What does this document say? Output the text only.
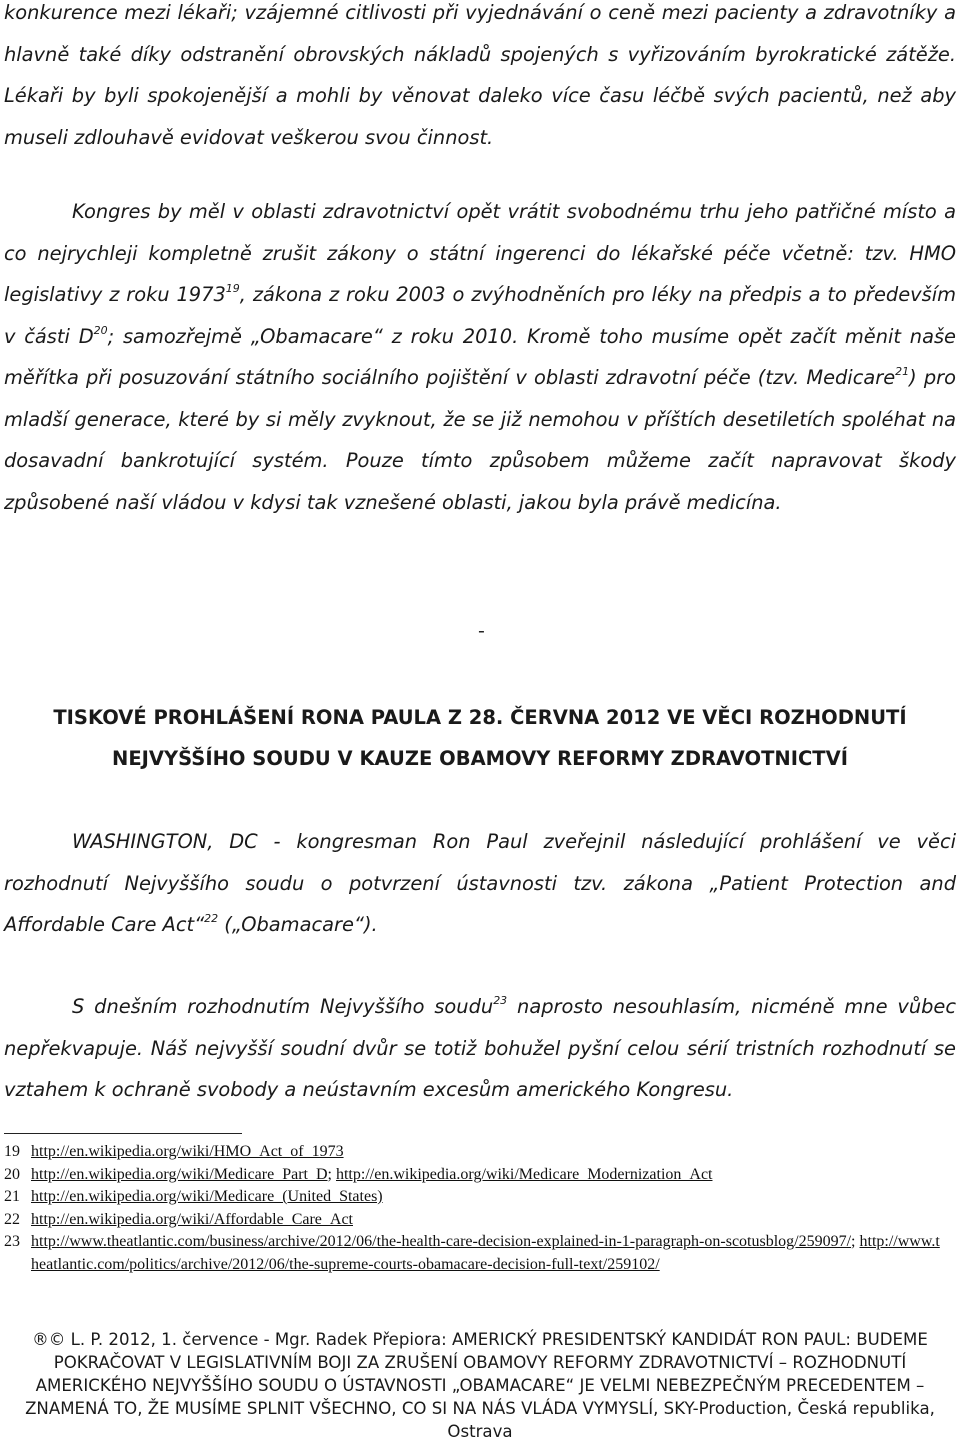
konkurence mezi lékaři; vzájemné citlivosti při vyjednávání o ceně mezi pacienty a zdravotníky a hlavně také díky odstranění obrovských nákladů spojených s vyřizováním byrokratické zátěže. Lékaři by byli spokojenější a mohli by věnovat daleko více času léčbě svých pacientů, než aby museli zdlouhavě evidovat veškerou svou činnost.

Kongres by měl v oblasti zdravotnictví opět vrátit svobodnému trhu jeho patřičné místo a co nejrychleji kompletně zrušit zákony o státní ingerenci do lékařské péče včetně: tzv. HMO legislativy z roku 1973$^{19}$, zákona z roku 2003 o zvýhodněních pro léky na předpis a to především v části $D^{20}$; samozřejmě „Obamacare“ z roku 2010. Kromě toho musíme opět začít měnit naše měřítka při posuzování státního sociálního pojištění v oblasti zdravotní péče (tzv. Medicare$^{21}$) pro mladší generace, které by si měly zvyknout, že se již nemohou v příštích desetiletích spoléhat na dosavadní bankrotující systém. Pouze tímto způsobem můžeme začít napravovat škody způsobené naší vládou v kdysi tak vznešené oblasti, jakou byla právě medicína.

-
TISKOVÉ PROHLÁŠENÍ RONA PAULA Z 28. ČERVNA 2012 VE VĚCI ROZHODNUTÍ
NEJVYŠŠÍHO SOUDU V KAUZE OBAMOVY REFORMY ZDRAVOTNICTVÍ

WASHINGTON, DC - kongresman Ron Paul zveřejnil následující prohlášení ve věci rozhodnutí Nejvyššího soudu o potvrzení ústavnosti tzv. zákona „Patient Protection and Affordable Care Act“$^{22}$ („Obamacare“).

S dnešním rozhodnutím Nejvyššího soudu$^{23}$ naprosto nesouhlasím, nicméně mne vůbec nepřekvapuje. Náš nejvyšší soudní dvůr se totiž bohužel pyšní celou sérií tristních rozhodnutí se vztahem k ochraně svobody a neústavním excesům amerického Kongresu.

19 http://en.wikipedia.org/wiki/HMO_Act_of_1973
20 http://en.wikipedia.org/wiki/Medicare_Part_D; http://en.wikipedia.org/wiki/Medicare_Modernization_Act
21 http://en.wikipedia.org/wiki/Medicare_(United_States)
22 http://en.wikipedia.org/wiki/Affordable_Care_Act
23 http://www.theatlantic.com/business/archive/2012/06/the-health-care-decision-explained-in-1-paragraph-on-scotusblog/259097/; http://www.theatlantic.com/politics/archive/2012/06/the-supreme-courts-obamacare-decision-full-text/259102/
®© L. P. 2012, 1. července - Mgr. Radek Přepiora: AMERICKÝ PRESIDENTSKÝ KANDIDÁT RON PAUL: BUDEME POKRAČOVAT V LEGISLATIVNÍM BOJI ZA ZRUŠENÍ OBAMOVY REFORMY ZDRAVOTNICTVÍ – ROZHODNUTÍ AMERICKÉHO NEJVYŠŠÍHO SOUDU O ÚSTAVNOSTI „OBAMACARE“ JE VELMI NEBEZPEČNÝM PRECEDENTEM – ZNAMENÁ TO, ŽE MUSÍME SPLNIT VŠECHNO, CO SI NA NÁS VLÁDA VYMYSLÍ, SKY-Production, Česká republika, Ostrava
